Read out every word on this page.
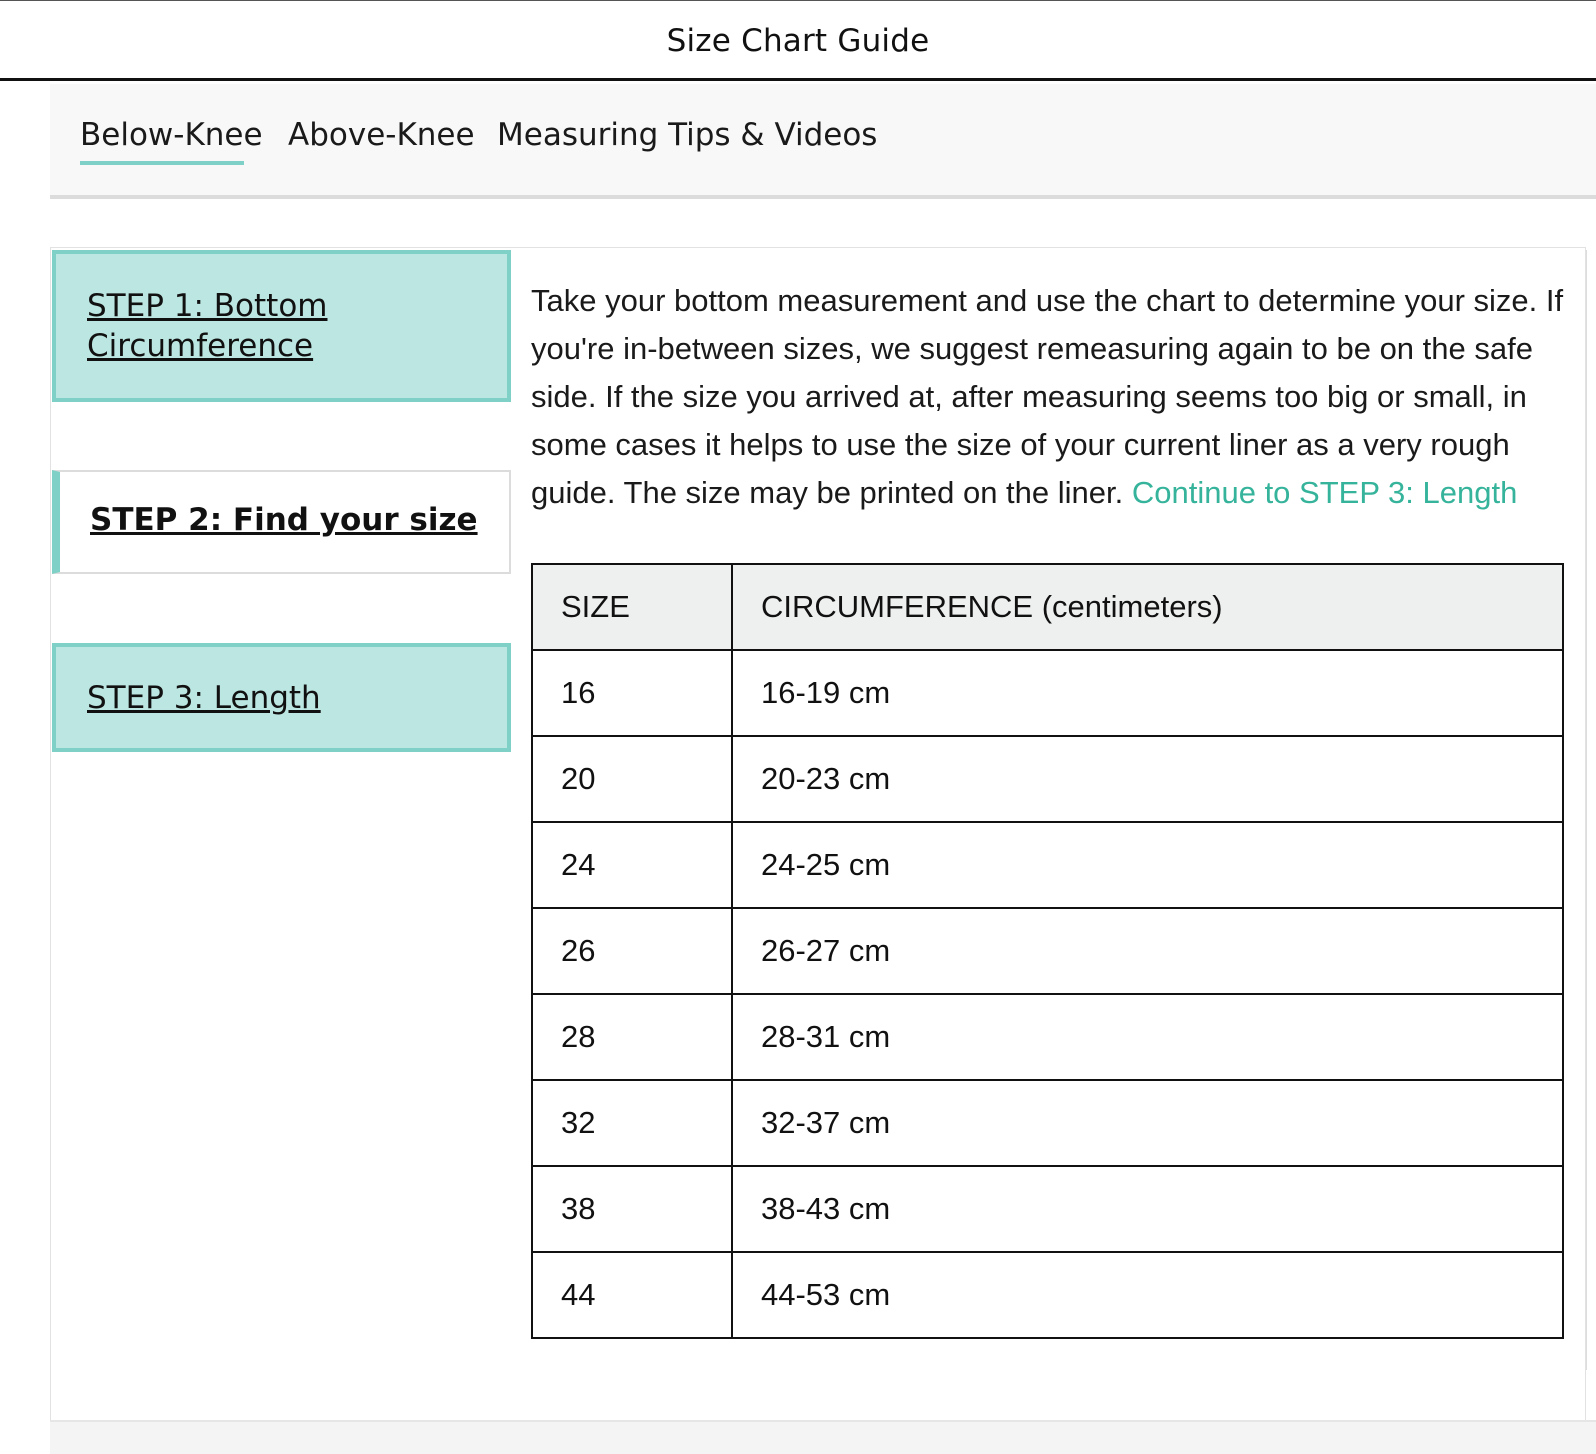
Size Chart Guide
Below-Knee Above-Knee Measuring Tips & Videos
STEP 1: Bottom Circumference
STEP 2: Find your size
STEP 3: Length
Take your bottom measurement and use the chart to determine your size. If you're in-between sizes, we suggest remeasuring again to be on the safe side. If the size you arrived at, after measuring seems too big or small, in some cases it helps to use the size of your current liner as a very rough guide. The size may be printed on the liner. Continue to STEP 3: Length
SIZE	CIRCUMFERENCE (centimeters)
16	16-19 cm
20	20-23 cm
24	24-25 cm
26	26-27 cm
28	28-31 cm
32	32-37 cm
38	38-43 cm
44	44-53 cm
